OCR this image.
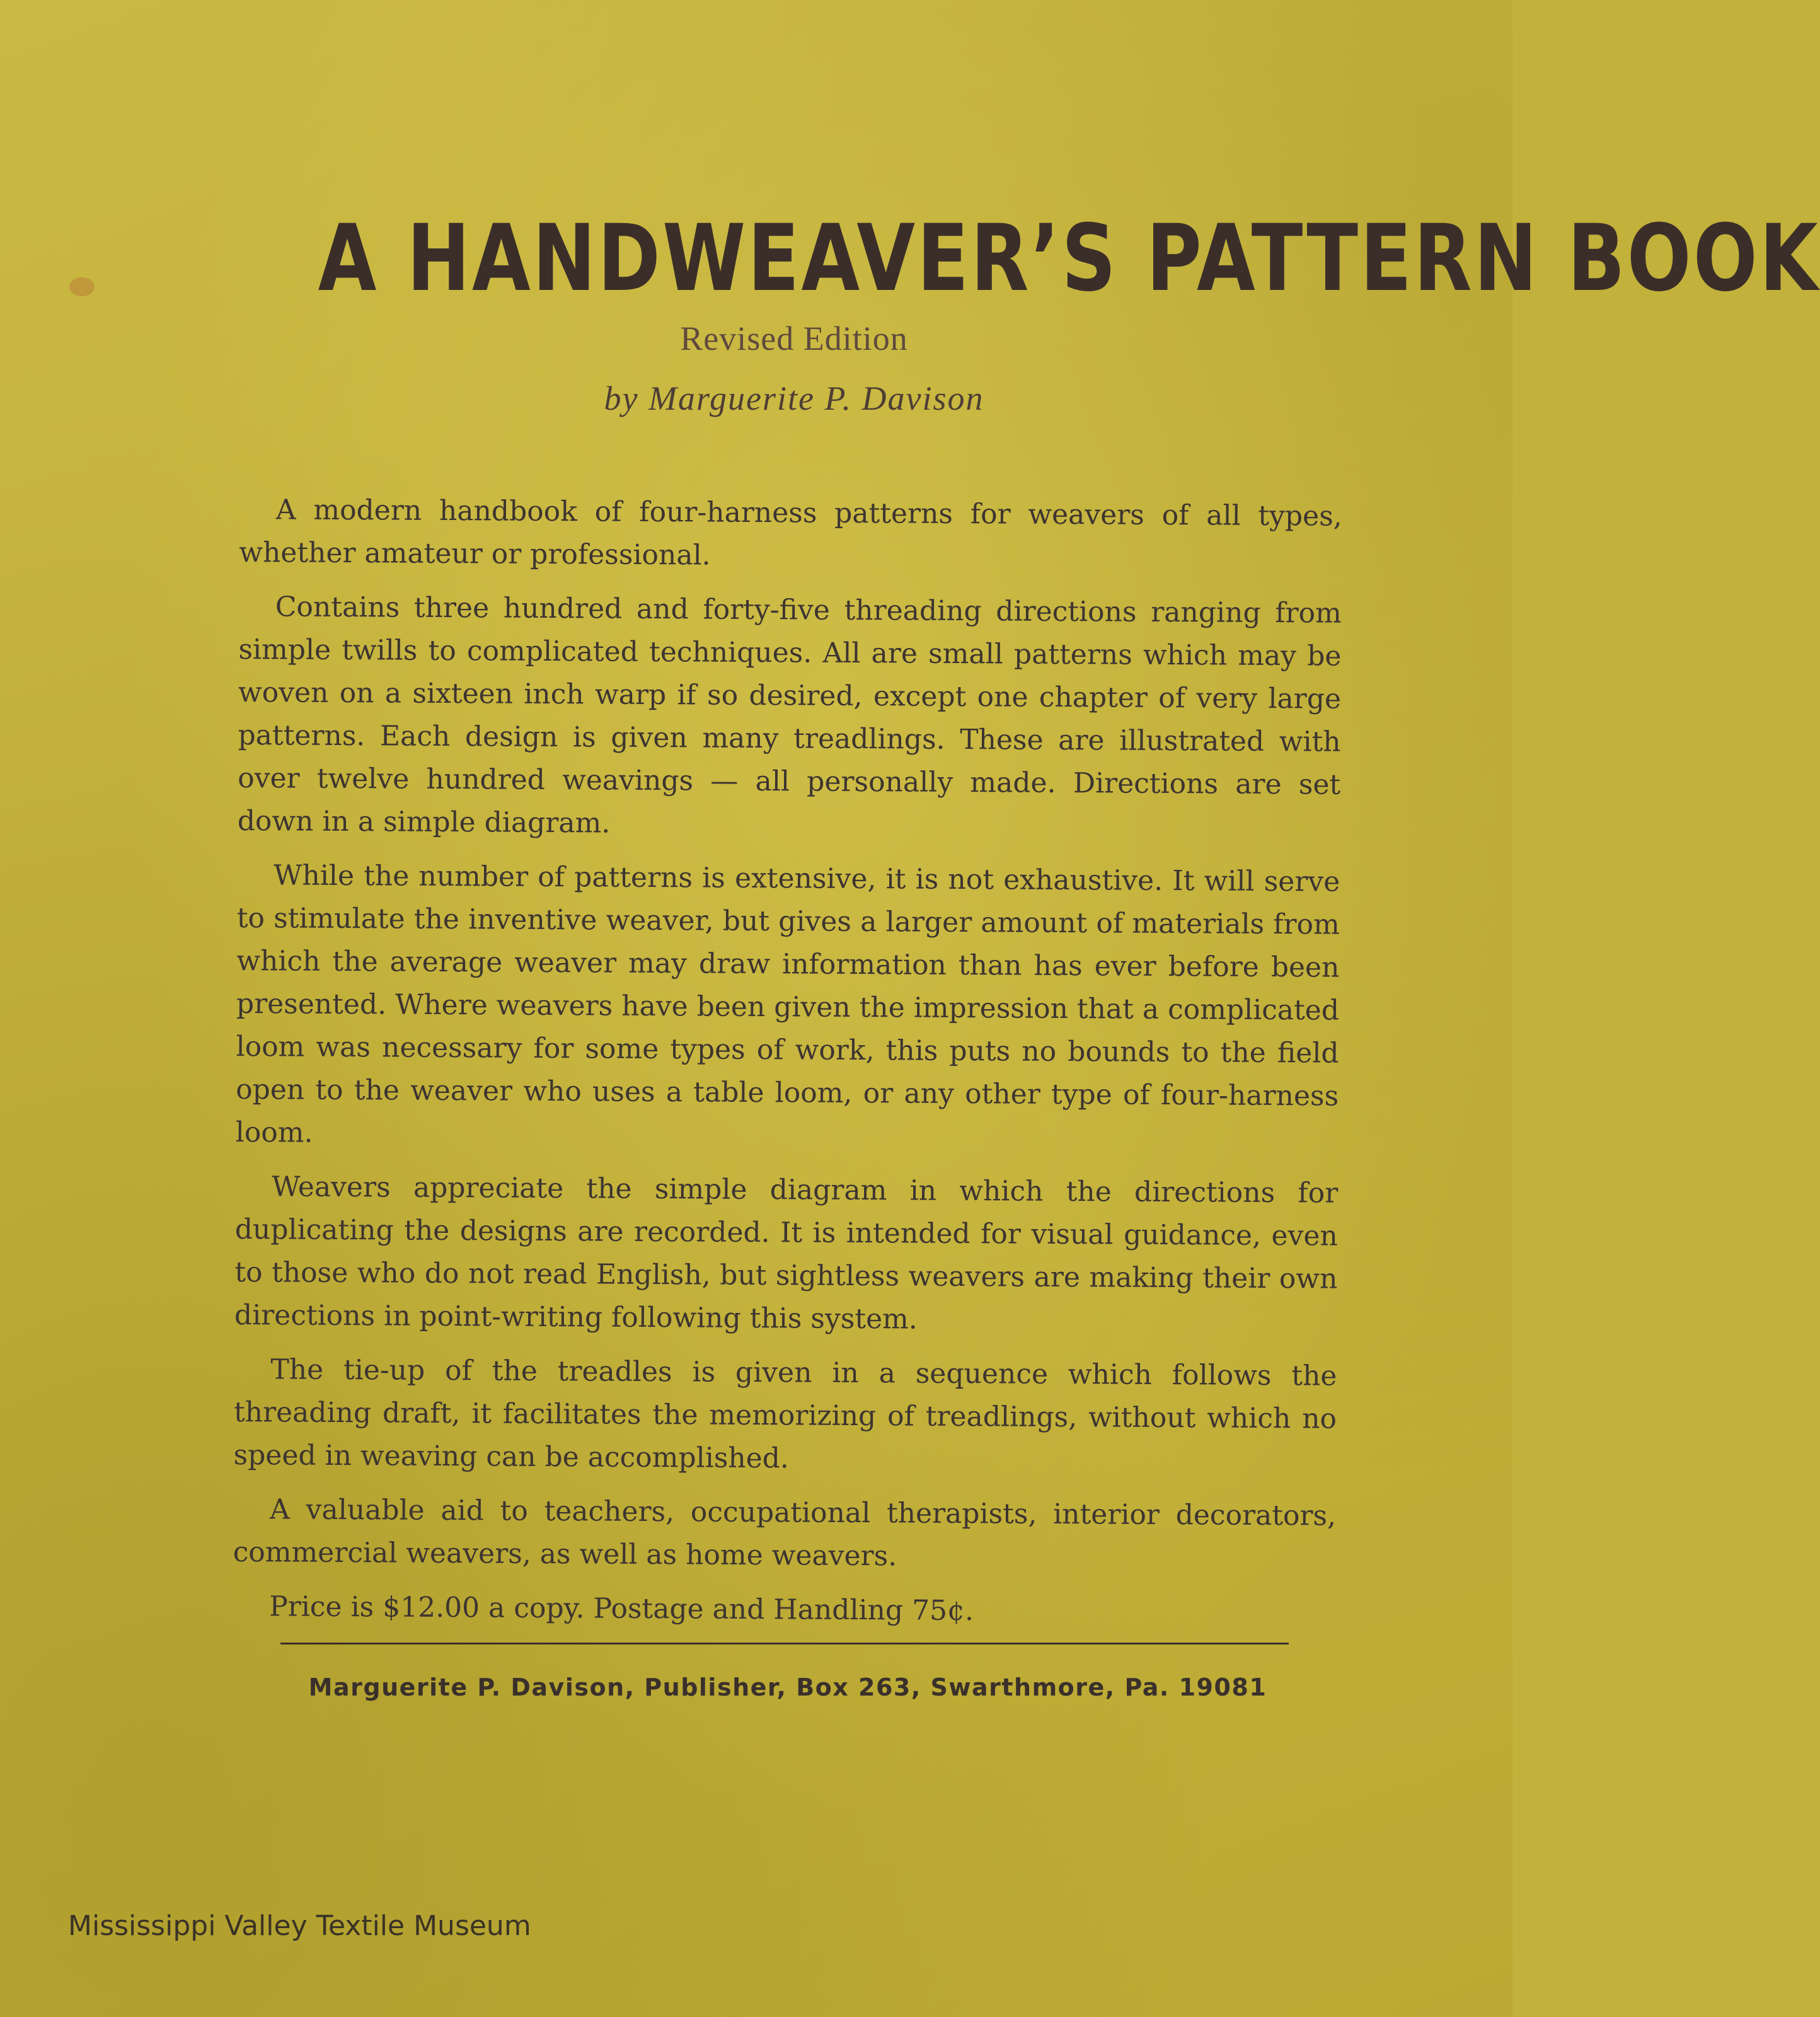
A HANDWEAVER’S PATTERN BOOK
Revised Edition
by Marguerite P. Davison

A modern handbook of four-harness patterns for weavers of all types, whether amateur or professional.

Contains three hundred and forty-five threading directions ranging from simple twills to complicated techniques. All are small patterns which may be woven on a sixteen inch warp if so desired, except one chapter of very large patterns. Each design is given many treadlings. These are illustrated with over twelve hundred weavings — all personally made. Directions are set down in a simple diagram.

While the number of patterns is extensive, it is not exhaustive. It will serve to stimulate the inventive weaver, but gives a larger amount of materials from which the average weaver may draw information than has ever before been presented. Where weavers have been given the impression that a complicated loom was necessary for some types of work, this puts no bounds to the field open to the weaver who uses a table loom, or any other type of four-harness loom.

Weavers appreciate the simple diagram in which the directions for duplicating the designs are recorded. It is intended for visual guidance, even to those who do not read English, but sightless weavers are making their own directions in point-writing following this system.

The tie-up of the treadles is given in a sequence which follows the threading draft, it facilitates the memorizing of treadlings, without which no speed in weaving can be accomplished.

A valuable aid to teachers, occupational therapists, interior decorators, commercial weavers, as well as home weavers.

Price is $12.00 a copy. Postage and Handling 75¢.

Marguerite P. Davison, Publisher, Box 263, Swarthmore, Pa. 19081
Mississippi Valley Textile Museum
